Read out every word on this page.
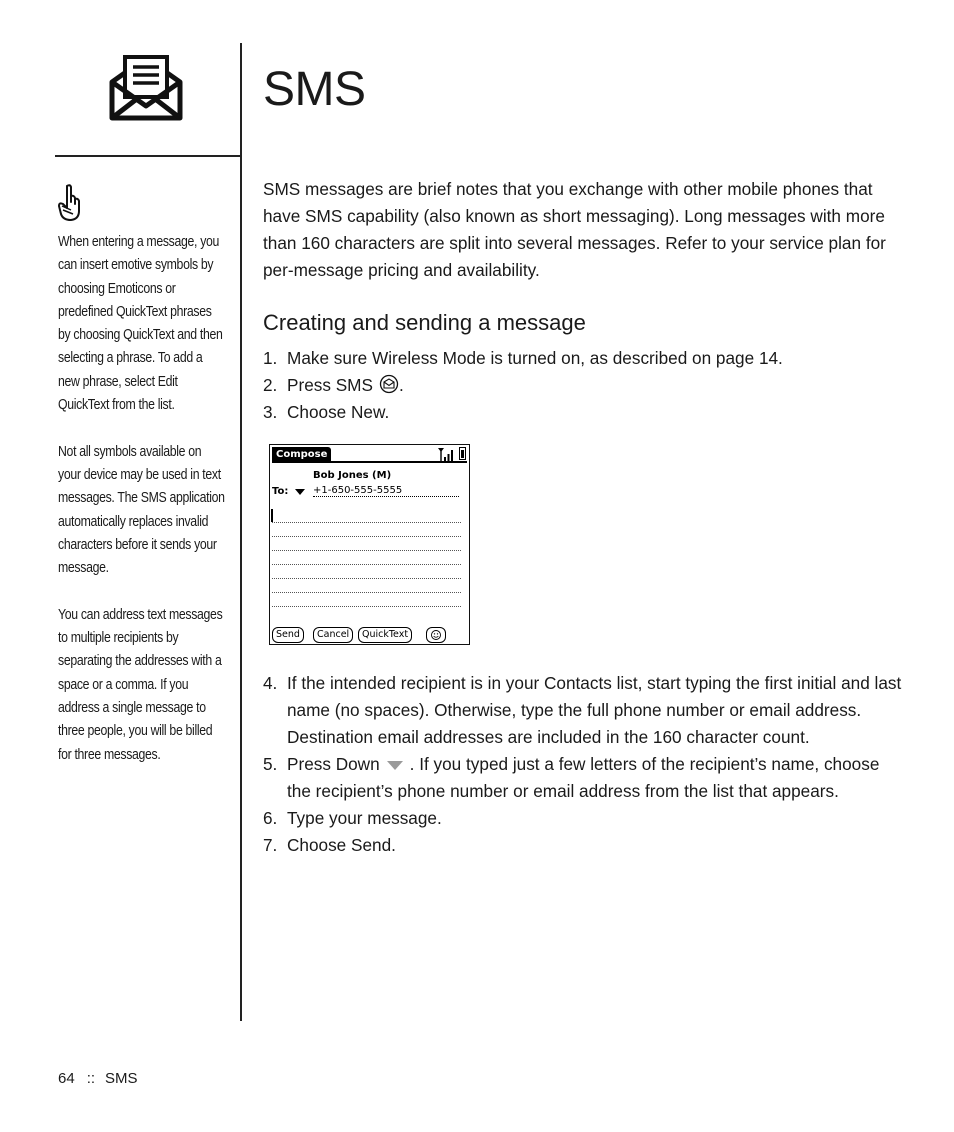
When entering a message, you can insert emotive symbols by choosing Emoticons or predefined QuickText phrases by choosing QuickText and then selecting a phrase. To add a new phrase, select Edit QuickText from the list.

Not all symbols available on your device may be used in text messages. The SMS application automatically replaces invalid characters before it sends your message.

You can address text messages to multiple recipients by separating the addresses with a space or a comma. If you address a single message to three people, you will be billed for three messages.

SMS

SMS messages are brief notes that you exchange with other mobile phones that have SMS capability (also known as short messaging). Long messages with more than 160 characters are split into several messages. Refer to your service plan for per-message pricing and availability.

Creating and sending a message
1. Make sure Wireless Mode is turned on, as described on page 14.
2. Press SMS .
3. Choose New.
Compose
Bob Jones (M)
To: +1-650-555-5555
Send	Cancel	QuickText
4. If the intended recipient is in your Contacts list, start typing the first initial and last name (no spaces). Otherwise, type the full phone number or email address. Destination email addresses are included in the 160 character count.
5. Press Down . If you typed just a few letters of the recipient’s name, choose the recipient’s phone number or email address from the list that appears.
6. Type your message.
7. Choose Send.
64 :: SMS
